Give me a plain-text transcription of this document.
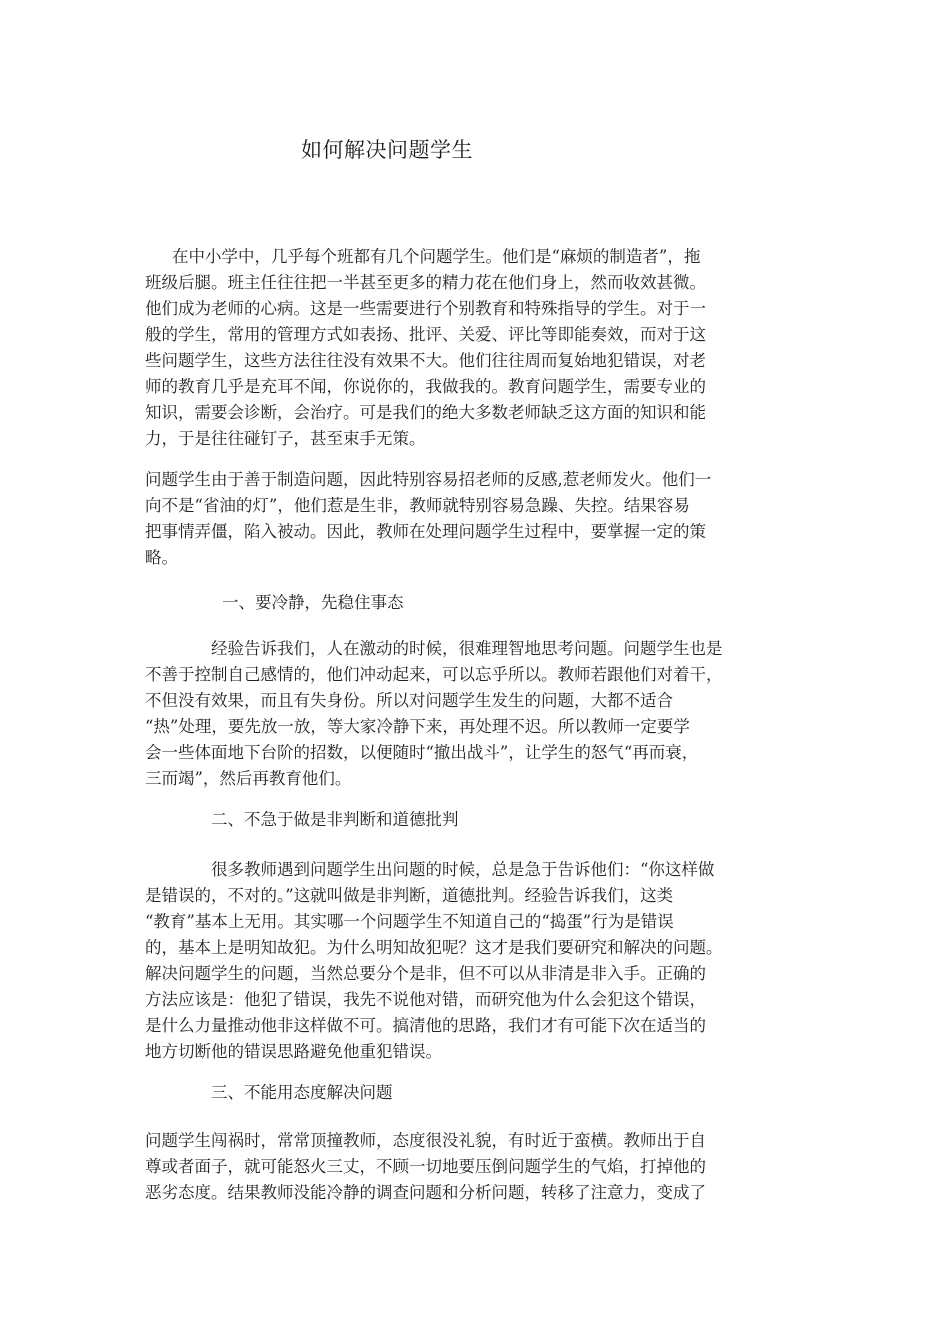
如何解决问题学生

在中小学中，几乎每个班都有几个问题学生。他们是“麻烦的制造者”，拖

班级后腿。班主任往往把一半甚至更多的精力花在他们身上，然而收效甚微。

他们成为老师的心病。这是一些需要进行个别教育和特殊指导的学生。对于一

般的学生，常用的管理方式如表扬、批评、关爱、评比等即能奏效，而对于这

些问题学生，这些方法往往没有效果不大。他们往往周而复始地犯错误，对老

师的教育几乎是充耳不闻，你说你的，我做我的。教育问题学生，需要专业的

知识，需要会诊断，会治疗。可是我们的绝大多数老师缺乏这方面的知识和能

力，于是往往碰钉子，甚至束手无策。

问题学生由于善于制造问题，因此特别容易招老师的反感,惹老师发火。他们一

向不是“省油的灯”，他们惹是生非，教师就特别容易急躁、失控。结果容易

把事情弄僵，陷入被动。因此，教师在处理问题学生过程中，要掌握一定的策

略。

一、要冷静，先稳住事态

经验告诉我们，人在激动的时候，很难理智地思考问题。问题学生也是

不善于控制自己感情的，他们冲动起来，可以忘乎所以。教师若跟他们对着干，

不但没有效果，而且有失身份。所以对问题学生发生的问题，大都不适合

“热”处理，要先放一放，等大家冷静下来，再处理不迟。所以教师一定要学

会一些体面地下台阶的招数，以便随时“撤出战斗”，让学生的怒气“再而衰，

三而竭”，然后再教育他们。

二、不急于做是非判断和道德批判

很多教师遇到问题学生出问题的时候，总是急于告诉他们：“你这样做

是错误的，不对的。”这就叫做是非判断，道德批判。经验告诉我们，这类

“教育”基本上无用。其实哪一个问题学生不知道自己的“捣蛋”行为是错误

的，基本上是明知故犯。为什么明知故犯呢？这才是我们要研究和解决的问题。

解决问题学生的问题，当然总要分个是非，但不可以从非清是非入手。正确的

方法应该是：他犯了错误，我先不说他对错，而研究他为什么会犯这个错误，

是什么力量推动他非这样做不可。搞清他的思路，我们才有可能下次在适当的

地方切断他的错误思路避免他重犯错误。

三、不能用态度解决问题

问题学生闯祸时，常常顶撞教师，态度很没礼貌，有时近于蛮横。教师出于自

尊或者面子，就可能怒火三丈，不顾一切地要压倒问题学生的气焰，打掉他的

恶劣态度。结果教师没能冷静的调查问题和分析问题，转移了注意力，变成了
